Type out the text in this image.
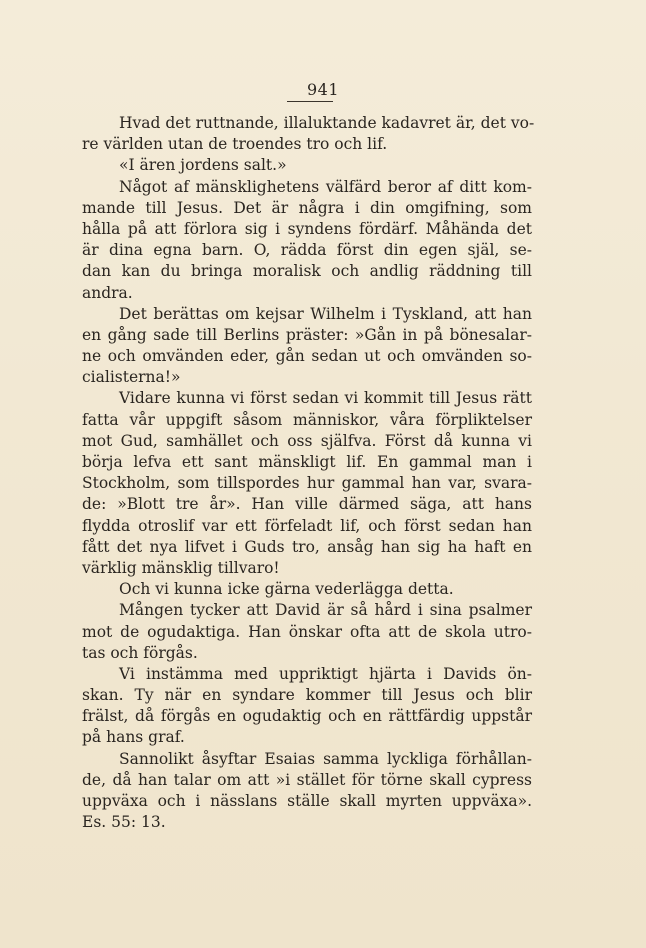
941
Hvad det ruttnande, illaluktande kadavret är, det vo-
re världen utan de troendes tro och lif.
«I ären jordens salt.»
Något af mänsklighetens välfärd beror af ditt kom-
mande till Jesus. Det är några i din omgifning, som
hålla på att förlora sig i syndens fördärf. Måhända det
är dina egna barn. O, rädda först din egen själ, se-
dan kan du bringa moralisk och andlig räddning till
andra.
Det berättas om kejsar Wilhelm i Tyskland, att han
en gång sade till Berlins präster: »Gån in på bönesalar-
ne och omvänden eder, gån sedan ut och omvänden so-
cialisterna!»
Vidare kunna vi först sedan vi kommit till Jesus rätt
fatta vår uppgift såsom människor, våra förpliktelser
mot Gud, samhället och oss själfva. Först då kunna vi
börja lefva ett sant mänskligt lif. En gammal man i
Stockholm, som tillspordes hur gammal han var, svara-
de: »Blott tre år». Han ville därmed säga, att hans
flydda otroslif var ett förfeladt lif, och först sedan han
fått det nya lifvet i Guds tro, ansåg han sig ha haft en
värklig mänsklig tillvaro!
Och vi kunna icke gärna vederlägga detta.
Mången tycker att David är så hård i sina psalmer
mot de ogudaktiga. Han önskar ofta att de skola utro-
tas och förgås.
Vi instämma med uppriktigt hjärta i Davids ön-
skan. Ty när en syndare kommer till Jesus och blir
frälst, då förgås en ogudaktig och en rättfärdig uppstår
på hans graf.
Sannolikt åsyftar Esaias samma lyckliga förhållan-
de, då han talar om att »i stället för törne skall cypress
uppväxa och i nässlans ställe skall myrten uppväxa».
Es. 55: 13.
